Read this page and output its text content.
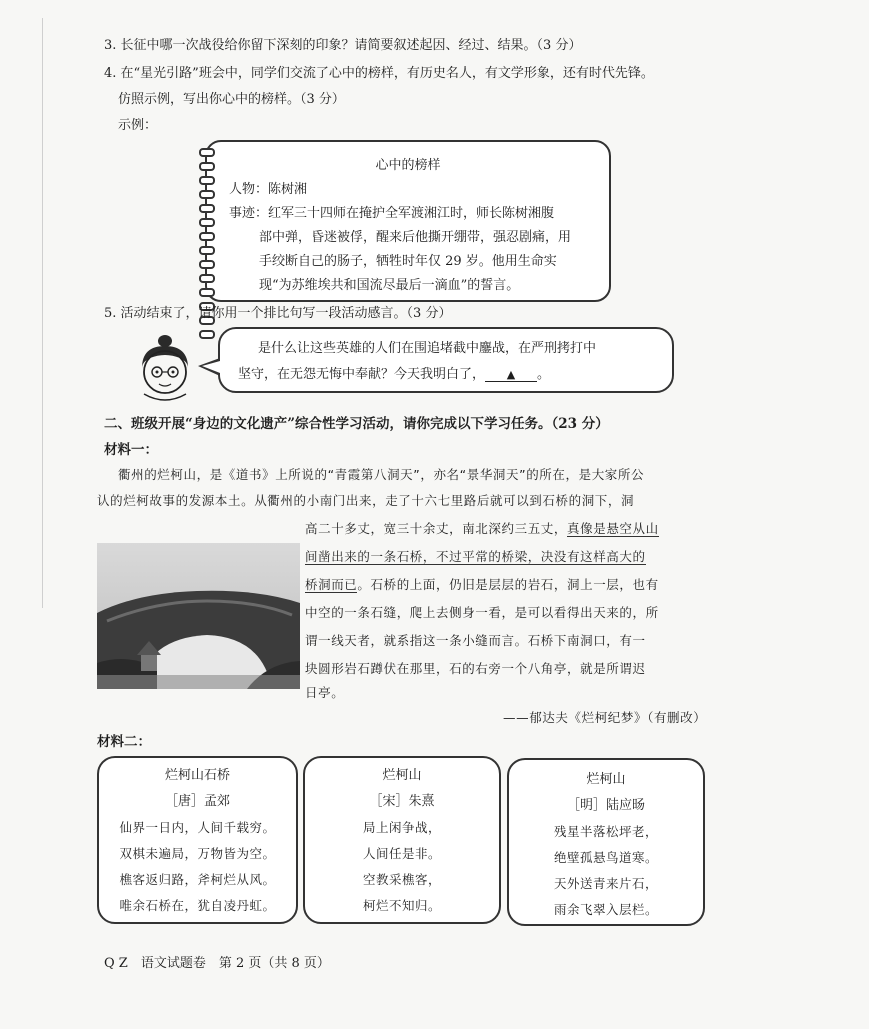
3. 长征中哪一次战役给你留下深刻的印象？请简要叙述起因、经过、结果。（3 分）
4. 在“星光引路”班会中，同学们交流了心中的榜样，有历史名人，有文学形象，还有时代先锋。
仿照示例，写出你心中的榜样。（3 分）
示例：
心中的榜样
人物：陈树湘
事迹：红军三十四师在掩护全军渡湘江时，师长陈树湘腹
部中弹，昏迷被俘，醒来后他撕开绷带，强忍剧痛，用
手绞断自己的肠子，牺牲时年仅 29 岁。他用生命实
现“为苏维埃共和国流尽最后一滴血”的誓言。
5. 活动结束了，请你用一个排比句写一段活动感言。（3 分）
是什么让这些英雄的人们在围追堵截中鏖战，在严刑拷打中
坚守，在无怨无悔中奉献？今天我明白了， ▲ 。
二、班级开展“身边的文化遗产”综合性学习活动，请你完成以下学习任务。（23 分）
材料一：
衢州的烂柯山，是《道书》上所说的“青霞第八洞天”，亦名“景华洞天”的所在，是大家所公
认的烂柯故事的发源本土。从衢州的小南门出来，走了十六七里路后就可以到石桥的洞下，洞
高二十多丈，宽三十余丈，南北深约三五丈，真像是悬空从山
间凿出来的一条石桥，不过平常的桥梁，决没有这样高大的
桥洞而已。石桥的上面，仍旧是层层的岩石，洞上一层，也有
中空的一条石缝，爬上去侧身一看，是可以看得出天来的，所
谓一线天者，就系指这一条小缝而言。石桥下南洞口，有一
块圆形岩石蹲伏在那里，石的右旁一个八角亭，就是所谓迟
日亭。
——郁达夫《烂柯纪梦》（有删改）
材料二：
烂柯山石桥
［唐］孟郊
仙界一日内，人间千载穷。
双棋未遍局，万物皆为空。
樵客返归路，斧柯烂从风。
唯余石桥在，犹自凌丹虹。
烂柯山
［宋］朱熹
局上闲争战，
人间任是非。
空教采樵客，
柯烂不知归。
烂柯山
［明］陆应旸
残星半落松坪老，
绝壁孤悬鸟道寒。
天外送青来片石，
雨余飞翠入层栏。
Q Z　语文试题卷　第 2 页（共 8 页）
